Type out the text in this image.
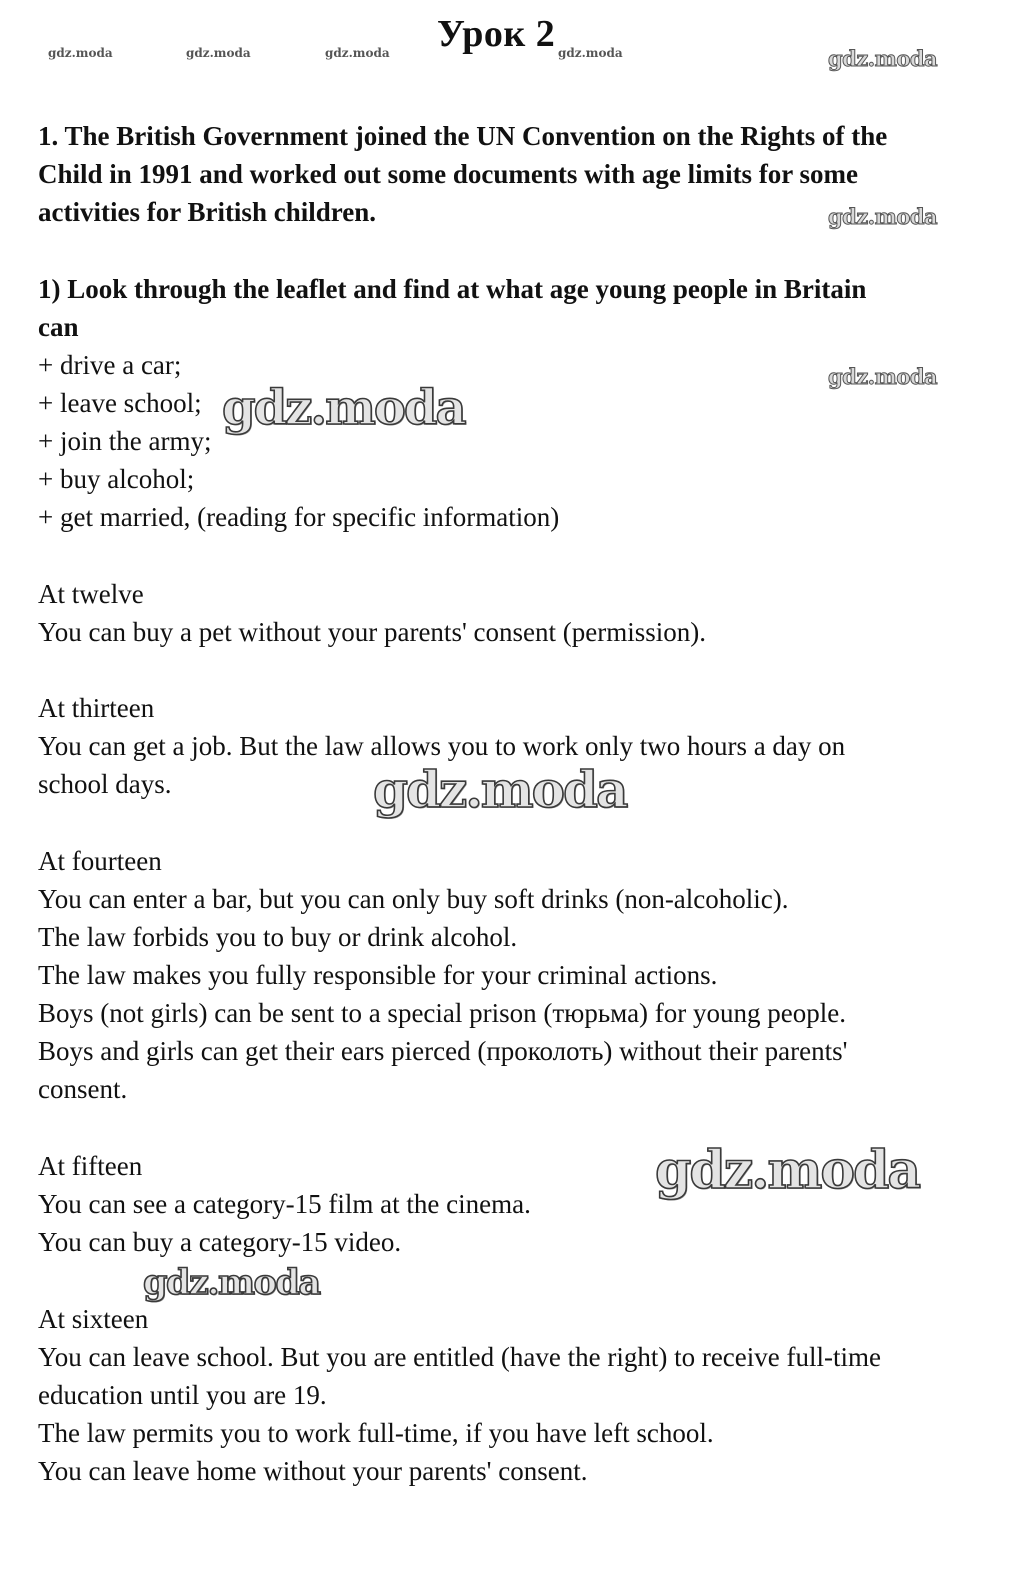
Урок 2
gdz.moda	gdz.moda	gdz.moda	gdz.moda	gdz.moda
gdz.moda
gdz.moda
1. The British Government joined the UN Convention on the Rights of the
Child in 1991 and worked out some documents with age limits for some
activities for British children.
1) Look through the leaflet and find at what age young people in Britain
can
+ drive a car;
+ leave school;
+ join the army;
+ buy alcohol;
+ get married, (reading for specific information)
At twelve
You can buy a pet without your parents' consent (permission).
At thirteen
You can get a job. But the law allows you to work only two hours a day on
school days.
At fourteen
You can enter a bar, but you can only buy soft drinks (non-alcoholic).
The law forbids you to buy or drink alcohol.
The law makes you fully responsible for your criminal actions.
Boys (not girls) can be sent to a special prison (тюрьма) for young people.
Boys and girls can get their ears pierced (проколоть) without their parents'
consent.
At fifteen
You can see a category-15 film at the cinema.
You can buy a category-15 video.
At sixteen
You can leave school. But you are entitled (have the right) to receive full-time
education until you are 19.
The law permits you to work full-time, if you have left school.
You can leave home without your parents' consent.
gdz.moda
gdz.moda
gdz.moda
gdz.moda
